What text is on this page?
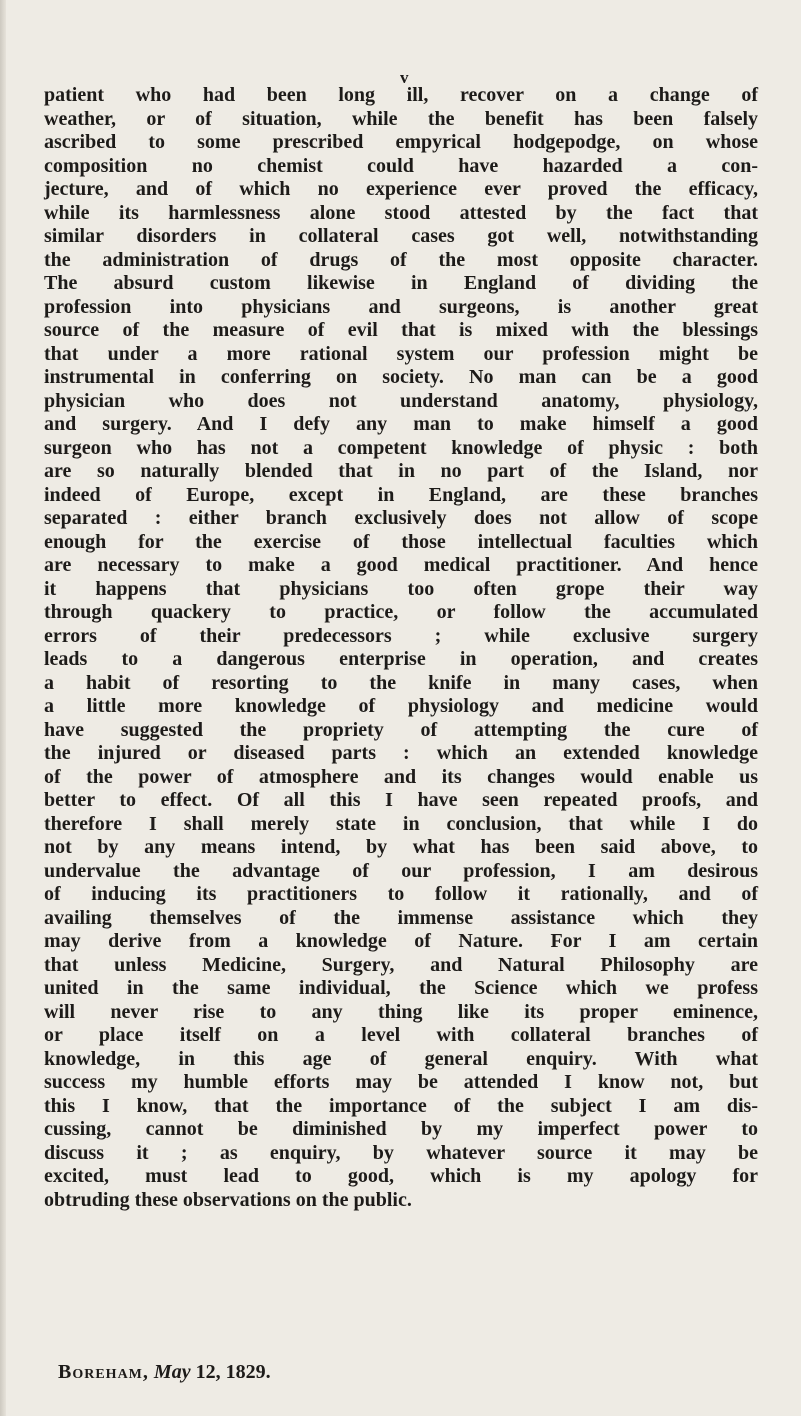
v
patient who had been long ill, recover on a change of
weather, or of situation, while the benefit has been falsely
ascribed to some prescribed empyrical hodgepodge, on whose
composition no chemist could have hazarded a con-
jecture, and of which no experience ever proved the efficacy,
while its harmlessness alone stood attested by the fact that
similar disorders in collateral cases got well, notwithstanding
the administration of drugs of the most opposite character.
The absurd custom likewise in England of dividing the
profession into physicians and surgeons, is another great
source of the measure of evil that is mixed with the blessings
that under a more rational system our profession might be
instrumental in conferring on society. No man can be a good
physician who does not understand anatomy, physiology,
and surgery. And I defy any man to make himself a good
surgeon who has not a competent knowledge of physic : both
are so naturally blended that in no part of the Island, nor
indeed of Europe, except in England, are these branches
separated : either branch exclusively does not allow of scope
enough for the exercise of those intellectual faculties which
are necessary to make a good medical practitioner. And hence
it happens that physicians too often grope their way
through quackery to practice, or follow the accumulated
errors of their predecessors ; while exclusive surgery
leads to a dangerous enterprise in operation, and creates
a habit of resorting to the knife in many cases, when
a little more knowledge of physiology and medicine would
have suggested the propriety of attempting the cure of
the injured or diseased parts : which an extended knowledge
of the power of atmosphere and its changes would enable us
better to effect. Of all this I have seen repeated proofs, and
therefore I shall merely state in conclusion, that while I do
not by any means intend, by what has been said above, to
undervalue the advantage of our profession, I am desirous
of inducing its practitioners to follow it rationally, and of
availing themselves of the immense assistance which they
may derive from a knowledge of Nature. For I am certain
that unless Medicine, Surgery, and Natural Philosophy are
united in the same individual, the Science which we profess
will never rise to any thing like its proper eminence,
or place itself on a level with collateral branches of
knowledge, in this age of general enquiry. With what
success my humble efforts may be attended I know not, but
this I know, that the importance of the subject I am dis-
cussing, cannot be diminished by my imperfect power to
discuss it ; as enquiry, by whatever source it may be
excited, must lead to good, which is my apology for
obtruding these observations on the public.
Boreham, May 12, 1829.
